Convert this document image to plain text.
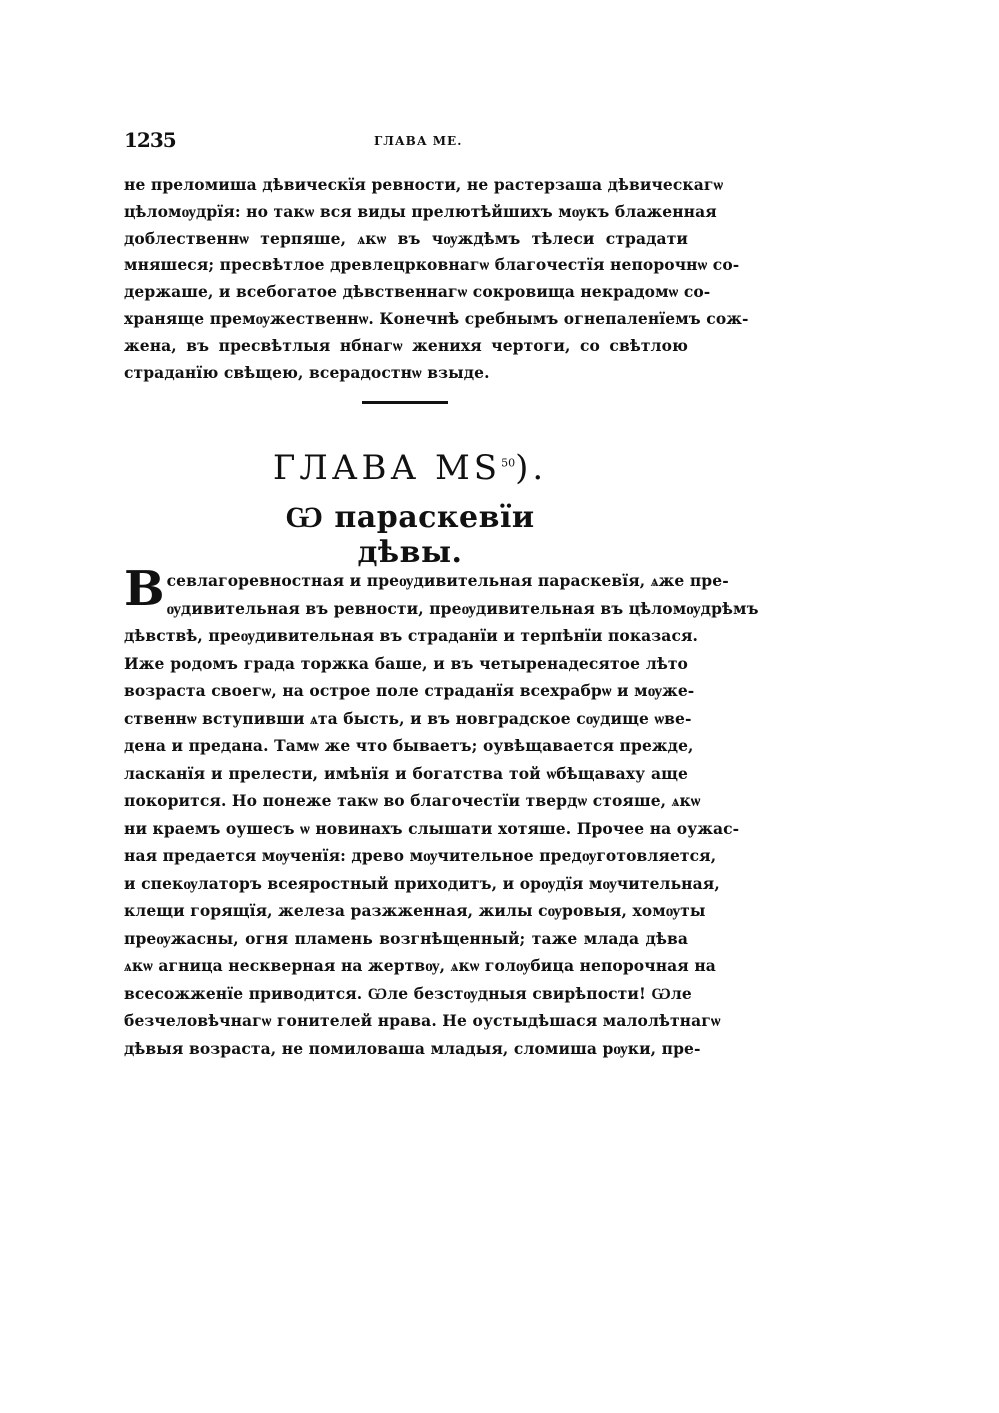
1235	ГЛАВА МЕ.
не преломиша дѣвическїя ревности, не растерзаша дѣвическагѡ
цѣломѹдрїя: но такѡ вся виды прелютѣйшихъ мѹкъ блаженная
доблественнѡ терпяше, ѧкѡ въ чѹждѣмъ тѣлеси страдати
мняшеся; пресвѣтлое древлецрковнагѡ благочестїя непорочнѡ со-
держаше, и всебогатое дѣвственнагѡ сокровища некрадомѡ со-
храняще премѹжественнѡ. Конечнѣ сребнымъ огнепаленїемъ сож-
жена, въ пресвѣтлыя нбнагѡ женихя чертоги, со свѣтлою
страданїю свѣщею, всерадостнѡ взыде.
ГЛАВА МS$^{50}$).
Ѡ параскевїи дѣвы.
В севлагоревностная и преѹдивительная параскевїя, ѧже пре-
ѹдивительная въ ревности, преѹдивительная въ цѣломѹдрѣмъ
дѣвствѣ, преѹдивительная въ страданїи и терпѣнїи показася.
Иже родомъ града торжка баше, и въ четыренадесятое лѣто
возраста своегѡ, на острое поле страданїя всехрабрѡ и мѹже-
ственнѡ вступивши ѧта бысть, и въ новградское сѹдище ѡве-
дена и предана. Тамѡ же что бываетъ; оувѣщавается прежде,
ласканїя и прелести, имѣнїя и богатства той ѡбѣщаваху аще
покорится. Но понеже такѡ во благочестїи твердѡ стояше, ѧкѡ
ни краемъ оушесъ ѡ новинахъ слышати хотяше. Прочее на оужас-
ная предается мѹченїя: древо мѹчительное предѹготовляется,
и спекѹлаторъ всеяростный приходитъ, и орѹдїя мѹчительная,
клещи горящїя, железа разжженная, жилы сѹровыя, хомѹты
преѹжасны, огня пламень возгнѣщенный; таже млада дѣва
ѧкѡ агница нескверная на жертвѹ, ѧкѡ голѹбица непорочная на
всесожженїе приводится. Ѡле безстѹдныя свирѣпости! Ѡле
безчеловѣчнагѡ гонителей нрава. Не оустыдѣшася малолѣтнагѡ
дѣвыя возраста, не помиловаша младыя, сломиша рѹки, пре-
